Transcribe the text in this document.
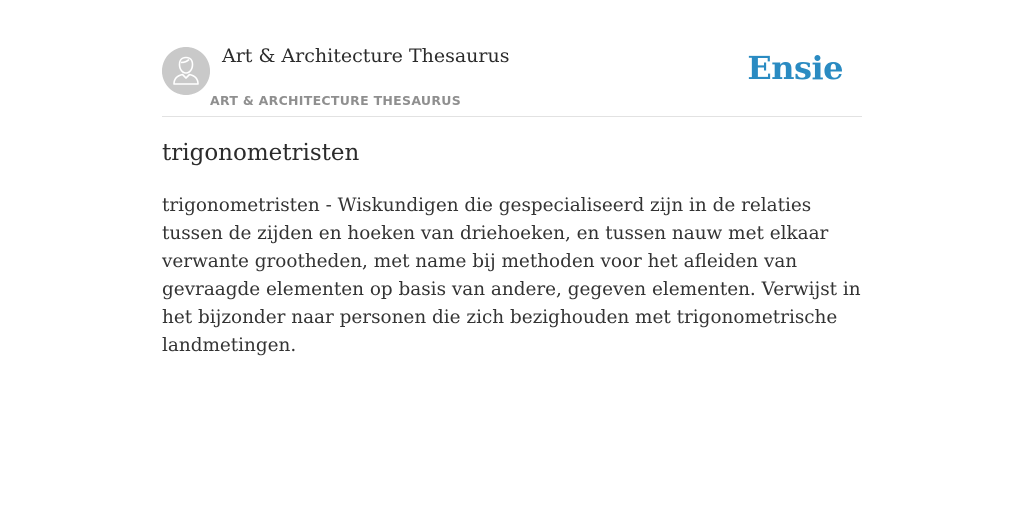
Art & Architecture Thesaurus
ART & ARCHITECTURE THESAURUS
Ensie
trigonometristen

trigonometristen - Wiskundigen die gespecialiseerd zijn in de relaties tussen de zijden en hoeken van driehoeken, en tussen nauw met elkaar verwante grootheden, met name bij methoden voor het afleiden van gevraagde elementen op basis van andere, gegeven elementen. Verwijst in het bijzonder naar personen die zich bezighouden met trigonometrische landmetingen.
